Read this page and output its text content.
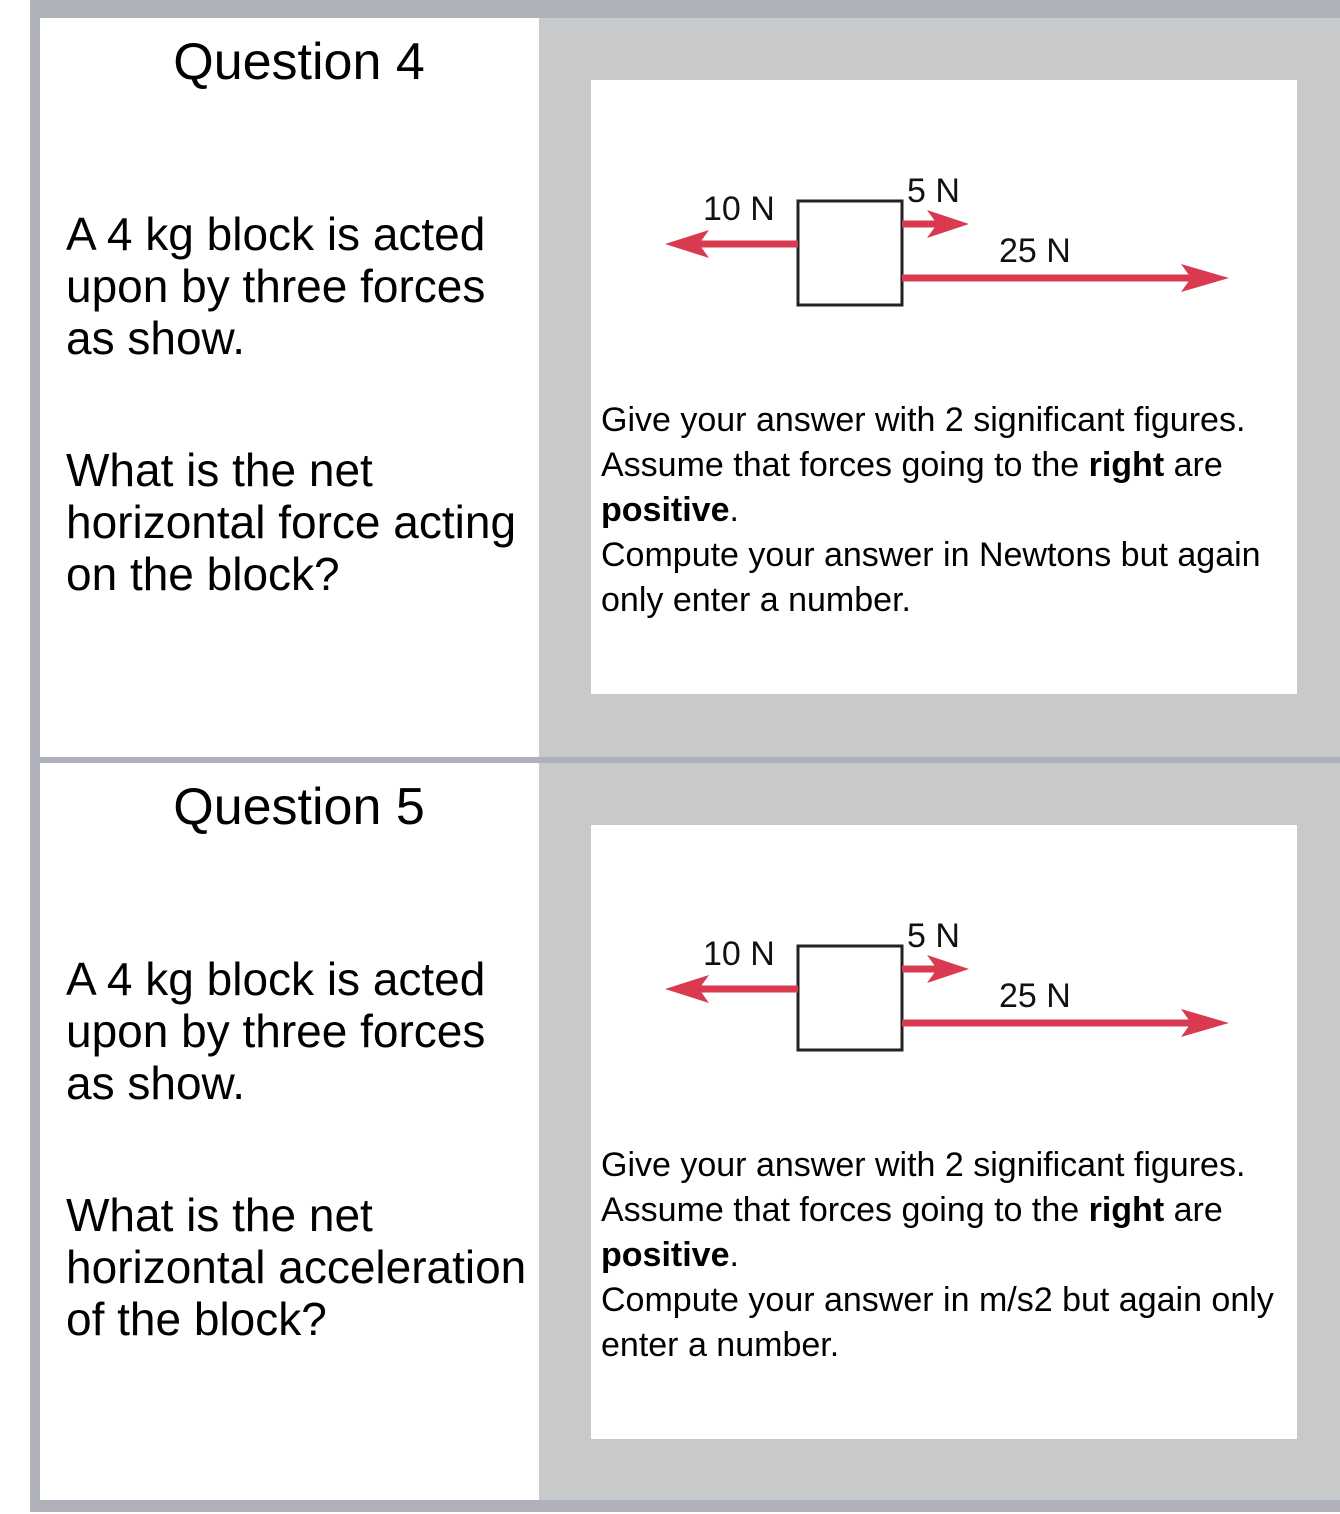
Question 4
A 4 kg block is acted upon by three forces as show.
What is the net horizontal force acting on the block?
10 N	5 N
25 N

Give your answer with 2 significant figures.

Assume that forces going to the right are positive.

Compute your answer in Newtons but again only enter a number.

Question 5
A 4 kg block is acted upon by three forces as show.
What is the net horizontal acceleration of the block?
10 N	5 N
25 N

Give your answer with 2 significant figures.

Assume that forces going to the right are positive.

Compute your answer in m/s2 but again only enter a number.
